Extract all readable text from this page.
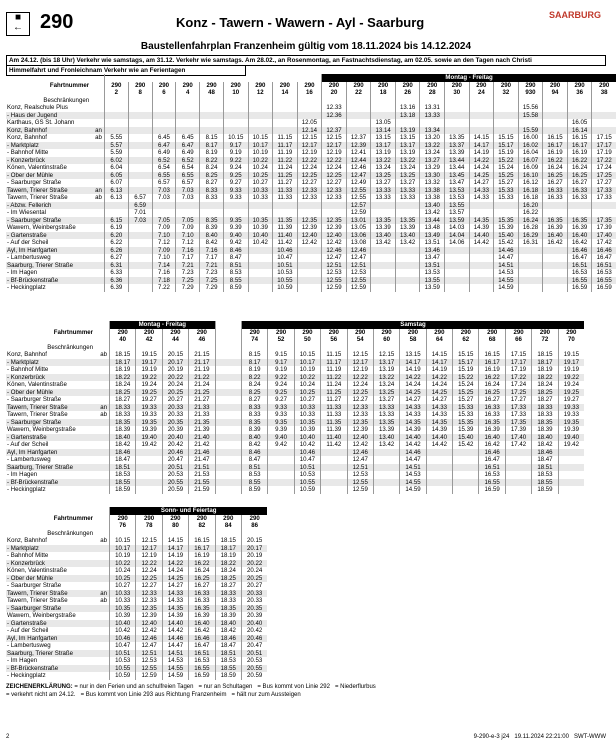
■
← 290	Konz - Tawern - Wawern - Ayl - Saarburg	SAARBURG
Baustellenfahrplan Franzenheim gültig vom 18.11.2024 bis 14.12.2024
Am 24.12. (bis 18 Uhr) Verkehr wie samstags, am 31.12. Verkehr wie samstags. Am 28.02., an Rosenmontag, an Fastnachtsdienstag, am 02.05. sowie an den Tagen nach Christi
Himmelfahrt und Fronleichnam Verkehr wie an Ferientagen
											Montag - Freitag											
Fahrtnummer		290	290	290	290	290	290	290	290	290	290	290	290	290	290	290	290	290	290	290	290	290
		2	8	6	4	48	10	12	14	16	20	22	18	26	28	30	24	32	930	94	36	38
Beschränkungen																						
Konz, Realschule Plus											12.33			13.16	13.31				15.56			
- Haus der Jugend											12.36			13.18	13.33				15.58			
Karthaus, GS St. Johann										12.05			13.05								16.05	
Konz, Bahnhof	an									12.14	12.37		13.14	13.19	13.34				15.59		16.14	
Konz, Bahnhof	ab	5.55		6.45	6.45	8.15	10.15	10.15	11.15	12.15	12.15	12.37	13.15	13.15	13.20	13.35	14.15	15.15	16.00	16.15	16.15	17.15
- Marktplatz		5.57		6.47	6.47	8.17	9.17	10.17	11.17	12.17	12.17	12.39	13.17	13.17	13.22	13.37	14.17	15.17	16.02	16.17	16.17	17.17
- Bahnhof Mitte		5.59		6.49	6.49	8.19	9.19	10.19	11.19	12.19	12.19	12.41	13.19	13.19	13.24	13.39	14.19	15.19	16.04	16.19	16.19	17.19
- Konzerbrück		6.02		6.52	6.52	8.22	9.22	10.22	11.22	12.22	12.22	12.44	13.22	13.22	13.27	13.44	14.22	15.22	16.07	16.22	16.22	17.22
Könen, Valentinstraße		6.04		6.54	6.54	8.24	9.24	10.24	11.24	12.24	12.24	12.46	13.24	13.24	13.29	13.44	14.24	15.24	16.09	16.24	16.24	17.24
- Ober der Mühle		6.05		6.55	6.55	8.25	9.25	10.25	11.25	12.25	12.25	12.47	13.25	13.25	13.30	13.45	14.25	15.25	16.10	16.25	16.25	17.25
- Saarburger Straße		6.07		6.57	6.57	8.27	9.27	10.27	11.27	12.27	12.27	12.49	13.27	13.27	13.32	13.47	14.27	15.27	16.12	16.27	16.27	17.27
Tawern, Trierer Straße	an	6.13		7.03	7.03	8.33	9.33	10.33	11.33	12.33	12.33	12.55	13.33	13.33	13.38	13.53	14.33	15.33	16.18	16.33	16.33	17.33
Tawern, Trierer Straße	ab	6.13	6.57	7.03	7.03	8.33	9.33	10.33	11.33	12.33	12.33	12.55	13.33	13.33	13.38	13.53	14.33	15.33	16.18	16.33	16.33	17.33
- Abzw. Fellerich			6.59									12.57			13.40	13.55			16.20			
- Im Wiesental			7.01									12.59			13.42	13.57			16.22			
- Saarburger Straße		6.15	7.03	7.05	7.05	8.35	9.35	10.35	11.35	12.35	12.35	13.01	13.35	13.35	13.44	13.59	14.35	15.35	16.24	16.35	16.35	17.35
Wawern, Weinbergstraße		6.19		7.09	7.09	8.39	9.39	10.39	11.39	12.39	12.39	13.05	13.39	13.39	13.48	14.03	14.39	15.39	16.28	16.39	16.39	17.39
- Gartenstraße		6.20		7.10	7.10	8.40	9.40	10.40	11.40	12.40	12.40	13.06	13.40	13.40	13.49	14.04	14.40	15.40	16.29	16.40	16.40	17.40
- Auf der Scheil		6.22		7.12	7.12	8.42	9.42	10.42	11.42	12.42	12.42	13.08	13.42	13.42	13.51	14.06	14.42	15.42	16.31	16.42	16.42	17.42
Ayl, Im Hanfgarten		6.26		7.09	7.16	7.16	8.46		10.46		12.46	12.46			13.46			14.46			16.46	16.46
- Lambertusweg		6.27		7.10	7.17	7.17	8.47		10.47		12.47	12.47			13.47			14.47			16.47	16.47
Saarburg, Trierer Straße		6.31		7.14	7.21	7.21	8.51		10.51		12.51	12.51			13.51			14.51			16.51	16.51
- Im Hagen		6.33		7.16	7.23	7.23	8.53		10.53		12.53	12.53			13.53			14.53			16.53	16.53
- Bf-Brückenstraße		6.36		7.18	7.25	7.25	8.55		10.55		12.55	12.55			13.55			14.55			16.55	16.55
- Heckingplatz		6.39		7.22	7.29	7.29	8.59		10.59		12.59	12.59			13.59			14.59			16.59	16.59
		Montag - Freitag					Samstag												
Fahrtnummer		290	290	290	290		290	290	290	290	290	290	290	290	290	290	290	290	290
		40	42	44	46		74	52	50	56	54	60	58	64	62	68	66	72	70
Beschränkungen																			
Konz, Bahnhof	ab	18.15	19.15	20.15	21.15		8.15	9.15	10.15	11.15	12.15	12.15	13.15	14.15	15.15	16.15	17.15	18.15	19.15
- Marktplatz		18.17	19.17	20.17	21.17		8.17	9.17	10.17	11.17	12.17	13.17	14.17	14.17	15.17	16.17	17.17	18.17	19.17
- Bahnhof Mitte		18.19	19.19	20.19	21.19		8.19	9.19	10.19	11.19	12.19	13.19	14.19	14.19	15.19	16.19	17.19	18.19	19.19
- Konzerbrück		18.22	19.22	20.22	21.22		8.22	9.22	10.22	11.22	12.22	13.22	14.22	14.22	15.22	16.22	17.22	18.22	19.22
Könen, Valentinstraße		18.24	19.24	20.24	21.24		8.24	9.24	10.24	11.24	12.24	13.24	14.24	14.24	15.24	16.24	17.24	18.24	19.24
- Ober der Mühle		18.25	19.25	20.25	21.25		8.25	9.25	10.25	11.25	12.25	13.25	14.25	14.25	15.25	16.25	17.25	18.25	19.25
- Saarburger Straße		18.27	19.27	20.27	21.27		8.27	9.27	10.27	11.27	12.27	13.27	14.27	14.27	15.27	16.27	17.27	18.27	19.27
Tawern, Trierer Straße	an	18.33	19.33	20.33	21.33		8.33	9.33	10.33	11.33	12.33	13.33	14.33	14.33	15.33	16.33	17.33	18.33	19.33
Tawern, Trierer Straße	ab	18.33	19.33	20.33	21.33		8.33	9.33	10.33	11.33	12.33	13.33	14.33	14.33	15.33	16.33	17.33	18.33	19.33
- Saarburger Straße		18.35	19.35	20.35	21.35		8.35	9.35	10.35	11.35	12.35	13.35	14.35	14.35	15.35	16.35	17.35	18.35	19.35
Wawern, Weinbergstraße		18.39	19.39	20.39	21.39		8.39	9.39	10.39	11.39	12.39	13.39	14.39	14.39	15.39	16.39	17.39	18.39	19.39
- Gartenstraße		18.40	19.40	20.40	21.40		8.40	9.40	10.40	11.40	12.40	13.40	14.40	14.40	15.40	16.40	17.40	18.40	19.40
- Auf der Scheil		18.42	19.42	20.42	21.42		8.42	9.42	10.42	11.42	12.42	13.42	14.42	14.42	15.42	16.42	17.42	18.42	19.42
Ayl, Im Hanfgarten		18.46		20.46	21.46		8.46		10.46		12.46		14.46			16.46		18.46	
- Lambertusweg		18.47		20.47	21.47		8.47		10.47		12.47		14.47			16.47		18.47	
Saarburg, Trierer Straße		18.51		20.51	21.51		8.51		10.51		12.51		14.51			16.51		18.51	
- Im Hagen		18.53		20.53	21.53		8.53		10.53		12.53		14.53			16.53		18.53	
- Bf-Brückenstraße		18.55		20.55	21.55		8.55		10.55		12.55		14.55			16.55		18.55	
- Heckingplatz		18.59		20.59	21.59		8.59		10.59		12.59		14.59			16.59		18.59	
		Sonn- und Feiertag					
Fahrtnummer		290	290	290	290	290	290
		76	78	80	82	84	86
Beschränkungen							
Konz, Bahnhof	ab	10.15	12.15	14.15	16.15	18.15	20.15
- Marktplatz		10.17	12.17	14.17	16.17	18.17	20.17
- Bahnhof Mitte		10.19	12.19	14.19	16.19	18.19	20.19
- Konzerbrück		10.22	12.22	14.22	16.22	18.22	20.22
Könen, Valentinstraße		10.24	12.24	14.24	16.24	18.24	20.24
- Ober der Mühle		10.25	12.25	14.25	16.25	18.25	20.25
- Saarburger Straße		10.27	12.27	14.27	16.27	18.27	20.27
Tawern, Trierer Straße	an	10.33	12.33	14.33	16.33	18.33	20.33
Tawern, Trierer Straße	ab	10.33	12.33	14.33	16.33	18.33	20.33
- Saarburger Straße		10.35	12.35	14.35	16.35	18.35	20.35
Wawern, Weinbergstraße		10.39	12.39	14.39	16.39	18.39	20.39
- Gartenstraße		10.40	12.40	14.40	16.40	18.40	20.40
- Auf der Scheil		10.42	12.42	14.42	16.42	18.42	20.42
Ayl, Im Hanfgarten		10.46	12.46	14.46	16.46	18.46	20.46
- Lambertusweg		10.47	12.47	14.47	16.47	18.47	20.47
Saarburg, Trierer Straße		10.51	12.51	14.51	16.51	18.51	20.51
- Im Hagen		10.53	12.53	14.53	16.53	18.53	20.53
- Bf-Brückenstraße		10.55	12.55	14.55	16.55	18.55	20.55
- Heckingplatz		10.59	12.59	14.59	16.59	18.59	20.59
ZEICHENERKLÄRUNG: = nur in den Ferien und an schulfreien Tagen = nur an Schultagen = Bus kommt von Linie 292 = Niederflurbus
= verkehrt nicht am 24.12. = Bus kommt von Linie 293 aus Richtung Franzenheim = hält nur zum Aussteigen
2	9-290-e-3 j24 19.11.2024 22:21:00 SWT-WWW
